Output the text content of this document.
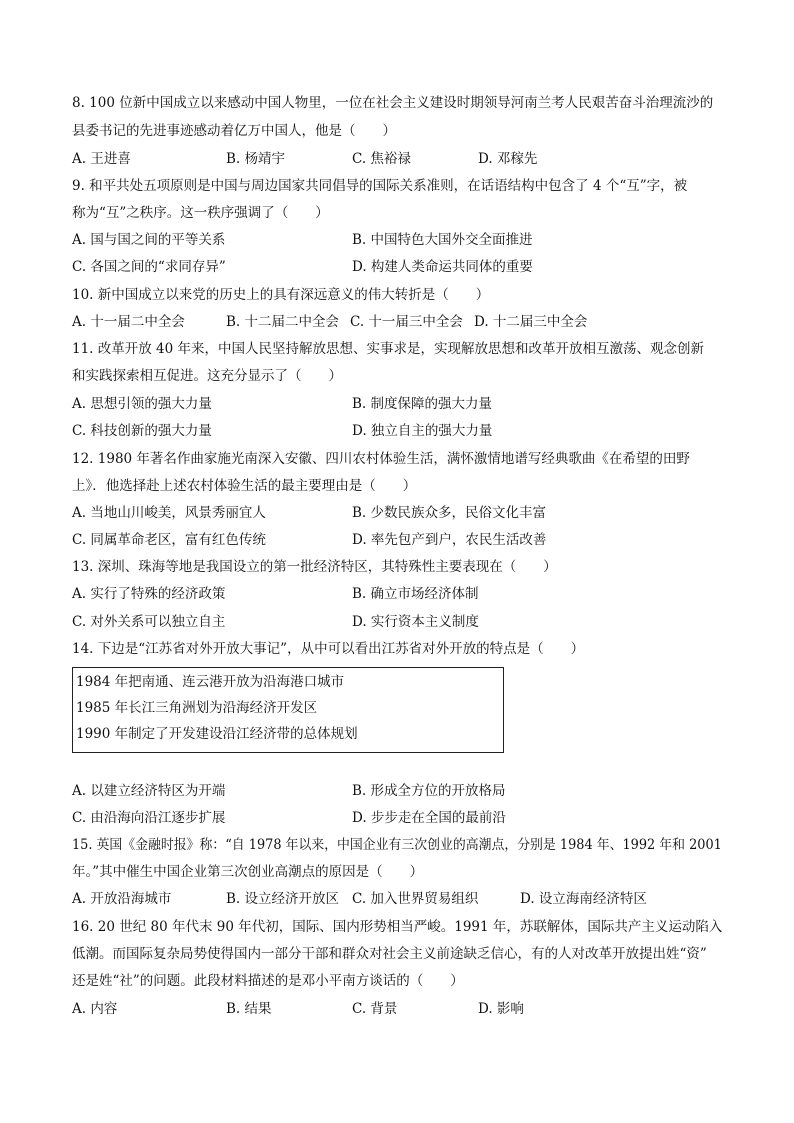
8. 100 位新中国成立以来感动中国人物里，一位在社会主义建设时期领导河南兰考人民艰苦奋斗治理流沙的
县委书记的先进事迹感动着亿万中国人，他是（　　）
A. 王进喜	B. 杨靖宇	C. 焦裕禄	D. 邓稼先
9. 和平共处五项原则是中国与周边国家共同倡导的国际关系准则，在话语结构中包含了 4 个“互”字，被
称为“互”之秩序。这一秩序强调了（　　）
A. 国与国之间的平等关系	B. 中国特色大国外交全面推进
C. 各国之间的“求同存异”	D. 构建人类命运共同体的重要
10. 新中国成立以来党的历史上的具有深远意义的伟大转折是（　　）
A. 十一届二中全会	B. 十二届二中全会 C. 十一届三中全会 D. 十二届三中全会
11. 改革开放 40 年来，中国人民坚持解放思想、实事求是，实现解放思想和改革开放相互激荡、观念创新
和实践探索相互促进。这充分显示了（　　）
A. 思想引领的强大力量	B. 制度保障的强大力量
C. 科技创新的强大力量	D. 独立自主的强大力量
12. 1980 年著名作曲家施光南深入安徽、四川农村体验生活，满怀激情地谱写经典歌曲《在希望的田野
上》．他选择赴上述农村体验生活的最主要理由是（　　）
A. 当地山川峻美，风景秀丽宜人	B. 少数民族众多，民俗文化丰富
C. 同属革命老区，富有红色传统	D. 率先包产到户，农民生活改善
13. 深圳、珠海等地是我国设立的第一批经济特区，其特殊性主要表现在（　　）
A. 实行了特殊的经济政策	B. 确立市场经济体制
C. 对外关系可以独立自主	D. 实行资本主义制度
14. 下边是“江苏省对外开放大事记”，从中可以看出江苏省对外开放的特点是（　　）
1984 年把南通、连云港开放为沿海港口城市
1985 年长江三角洲划为沿海经济开发区
1990 年制定了开发建设沿江经济带的总体规划
A. 以建立经济特区为开端	B. 形成全方位的开放格局
C. 由沿海向沿江逐步扩展	D. 步步走在全国的最前沿
15. 英国《金融时报》称：“自 1978 年以来，中国企业有三次创业的高潮点，分别是 1984 年、1992 年和 2001
年。”其中催生中国企业第三次创业高潮点的原因是（　　）
A. 开放沿海城市	B. 设立经济开放区 C. 加入世界贸易组织	D. 设立海南经济特区
16. 20 世纪 80 年代末 90 年代初，国际、国内形势相当严峻。1991 年，苏联解体，国际共产主义运动陷入
低潮。而国际复杂局势使得国内一部分干部和群众对社会主义前途缺乏信心，有的人对改革开放提出姓“资”
还是姓“社”的问题。此段材料描述的是邓小平南方谈话的（　　）
A. 内容	B. 结果	C. 背景	D. 影响
